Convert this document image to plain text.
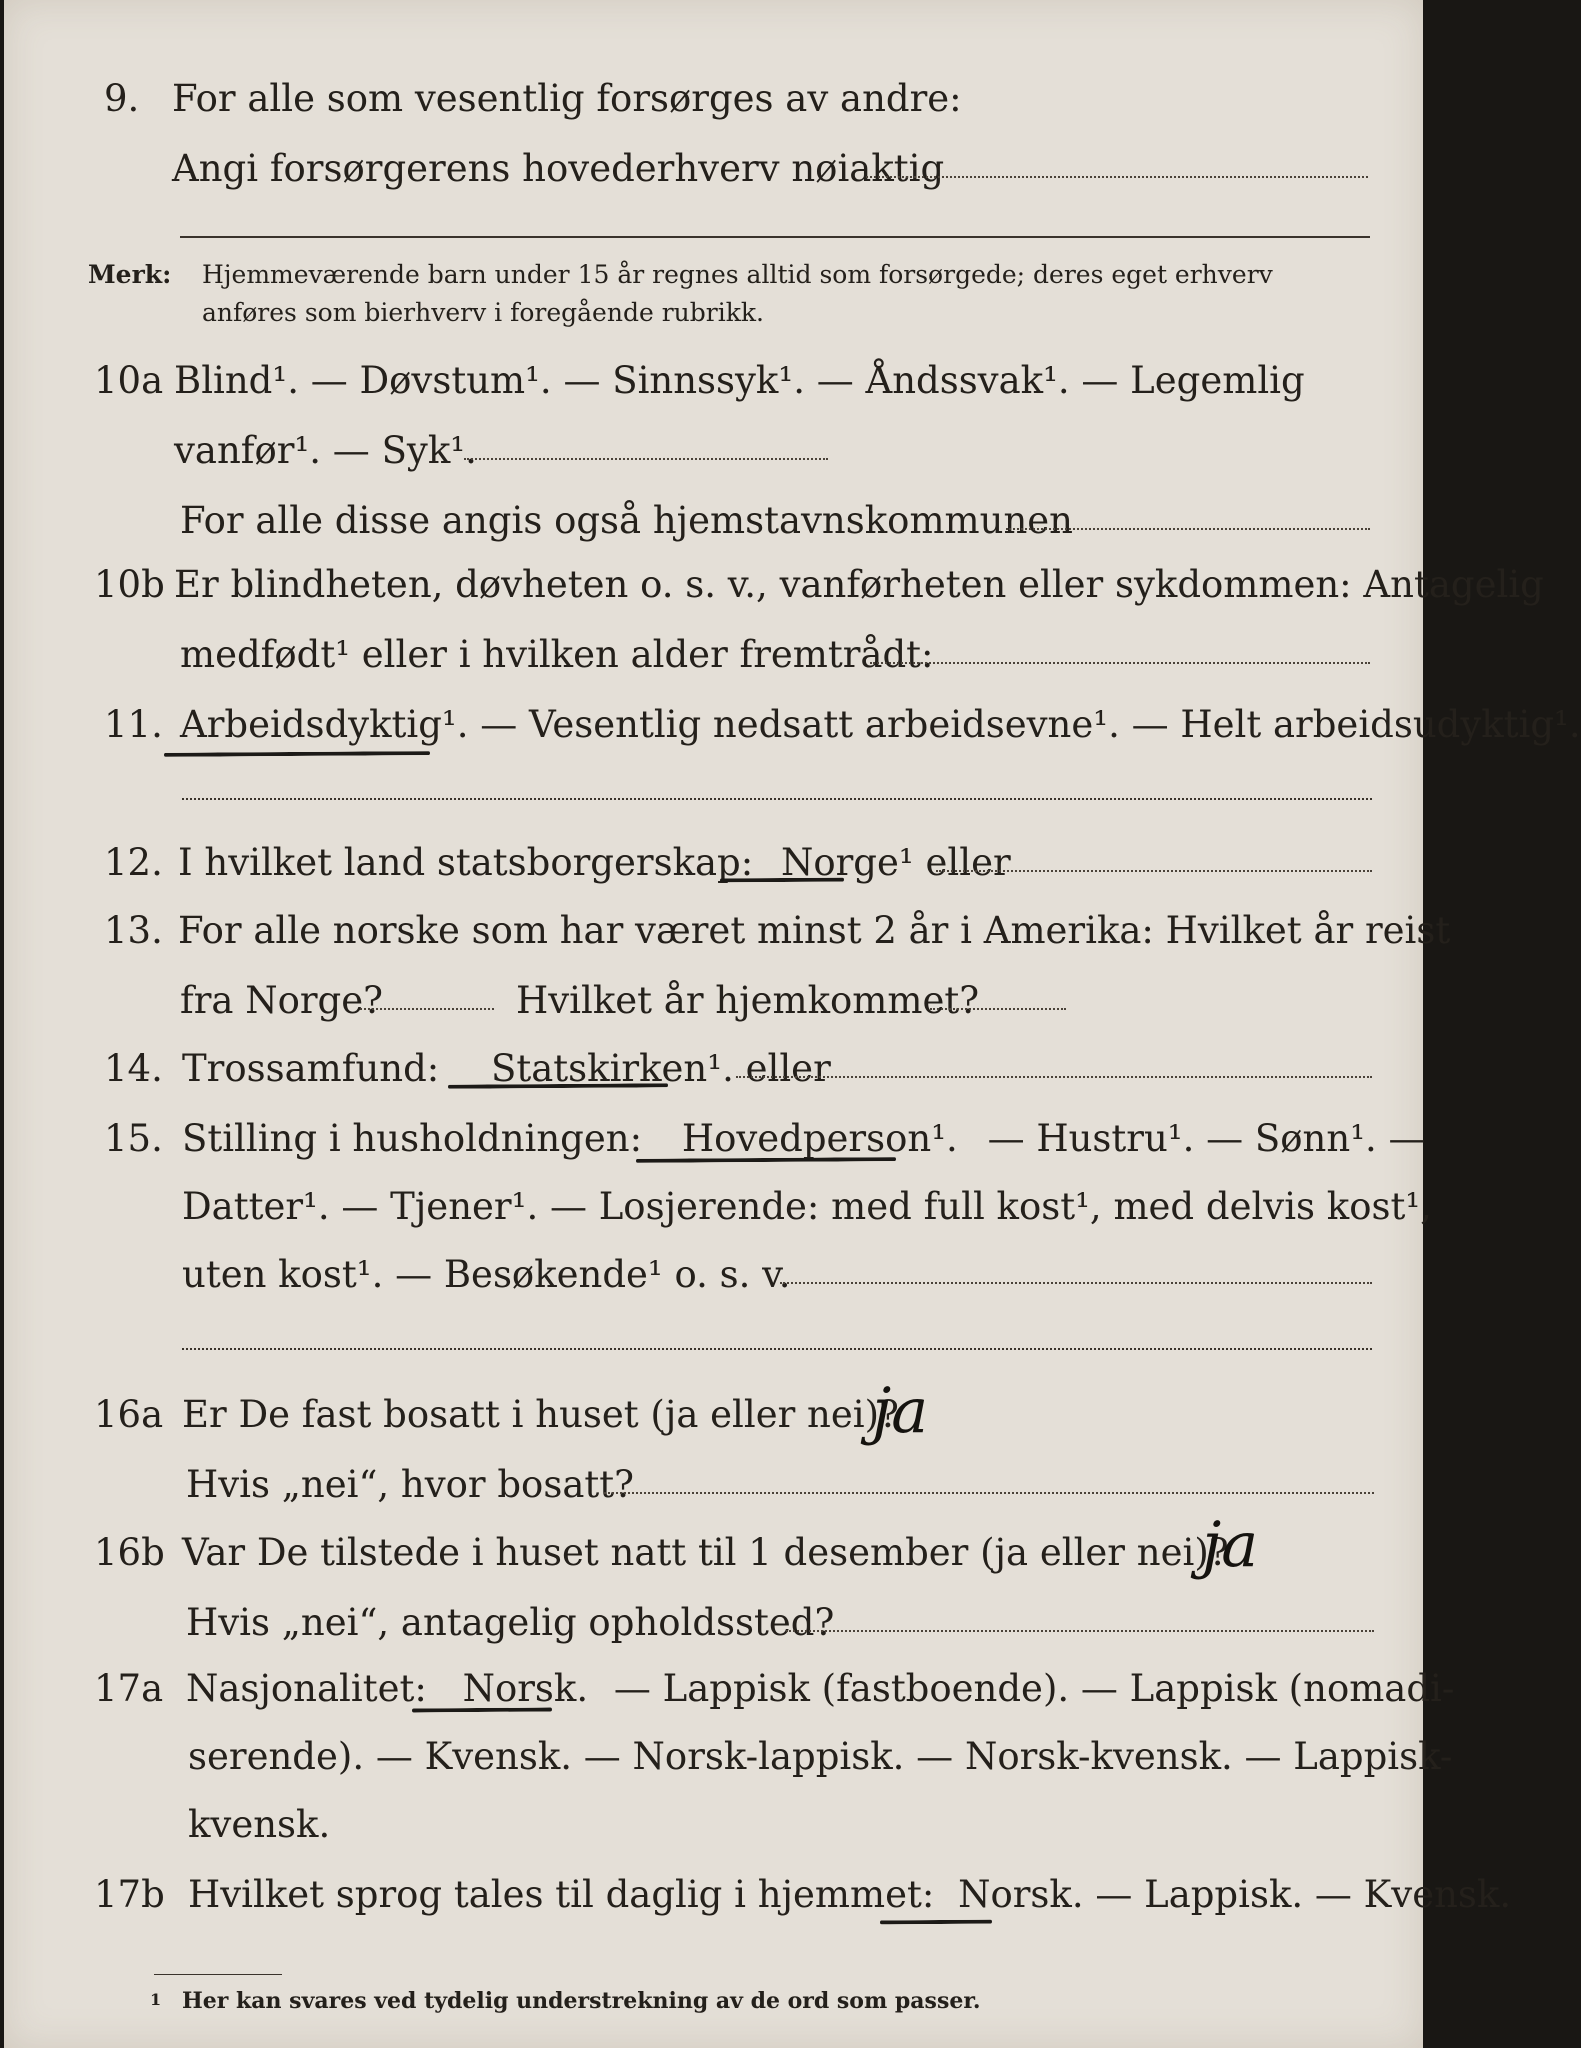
9. For alle som vesentlig forsørges av andre:
Angi forsørgerens hovederhverv nøiaktig
Merk: Hjemmeværende barn under 15 år regnes alltid som forsørgede; deres eget erhverv
anføres som bierhverv i foregående rubrikk.
10a Blind¹. — Døvstum¹. — Sinnssyk¹. — Åndssvak¹. — Legemlig
vanfør¹. — Syk¹.
For alle disse angis også hjemstavnskommunen
10b Er blindheten, døvheten o. s. v., vanførheten eller sykdommen: Antagelig
medfødt¹ eller i hvilken alder fremtrådt:
11. Arbeidsdyktig¹. — Vesentlig nedsatt arbeidsevne¹. — Helt arbeidsudyktig¹.
12. I hvilket land statsborgerskap: Norge¹ eller
13. For alle norske som har været minst 2 år i Amerika: Hvilket år reist
fra Norge?	Hvilket år hjemkommet?
14. Trossamfund: Statskirken¹. eller
15. Stilling i husholdningen: Hovedperson¹. — Hustru¹. — Sønn¹. —
Datter¹. — Tjener¹. — Losjerende: med full kost¹, med delvis kost¹,
uten kost¹. — Besøkende¹ o. s. v.
16a Er De fast bosatt i huset (ja eller nei)?
ja
Hvis „nei“, hvor bosatt?
16b Var De tilstede i huset natt til 1 desember (ja eller nei)?
ja
Hvis „nei“, antagelig opholdssted?
17a Nasjonalitet: Norsk. — Lappisk (fastboende). — Lappisk (nomadi-
serende). — Kvensk. — Norsk-lappisk. — Norsk-kvensk. — Lappisk-
kvensk.
17b Hvilket sprog tales til daglig i hjemmet: Norsk. — Lappisk. — Kvensk.
1 Her kan svares ved tydelig understrekning av de ord som passer.
